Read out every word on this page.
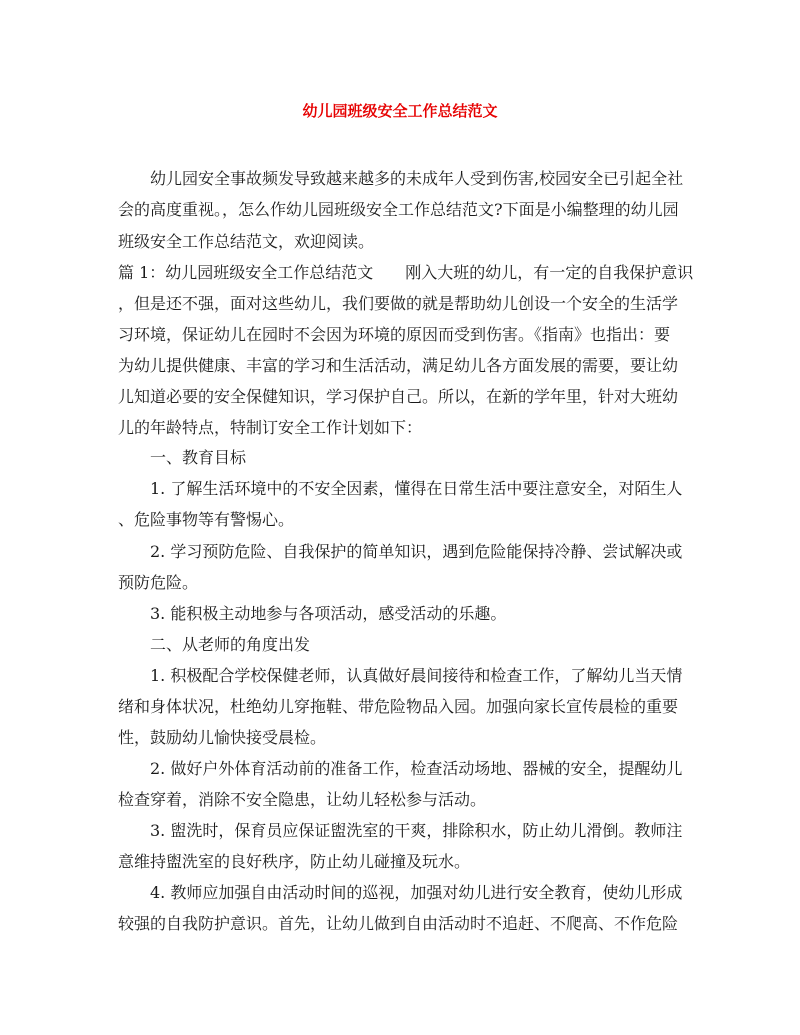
幼儿园班级安全工作总结范文
幼儿园安全事故频发导致越来越多的未成年人受到伤害,校园安全已引起全社
会的高度重视。，怎么作幼儿园班级安全工作总结范文?下面是小编整理的幼儿园
班级安全工作总结范文，欢迎阅读。
篇 1：幼儿园班级安全工作总结范文　　刚入大班的幼儿，有一定的自我保护意识
，但是还不强，面对这些幼儿，我们要做的就是帮助幼儿创设一个安全的生活学
习环境，保证幼儿在园时不会因为环境的原因而受到伤害。《指南》也指出：要
为幼儿提供健康、丰富的学习和生活活动，满足幼儿各方面发展的需要，要让幼
儿知道必要的安全保健知识，学习保护自己。所以，在新的学年里，针对大班幼
儿的年龄特点，特制订安全工作计划如下：
一、教育目标
1. 了解生活环境中的不安全因素，懂得在日常生活中要注意安全，对陌生人
、危险事物等有警惕心。
2. 学习预防危险、自我保护的简单知识，遇到危险能保持冷静、尝试解决或
预防危险。
3. 能积极主动地参与各项活动，感受活动的乐趣。
二、从老师的角度出发
1. 积极配合学校保健老师，认真做好晨间接待和检查工作，了解幼儿当天情
绪和身体状况，杜绝幼儿穿拖鞋、带危险物品入园。加强向家长宣传晨检的重要
性，鼓励幼儿愉快接受晨检。
2. 做好户外体育活动前的准备工作，检查活动场地、器械的安全，提醒幼儿
检查穿着，消除不安全隐患，让幼儿轻松参与活动。
3. 盥洗时，保育员应保证盥洗室的干爽，排除积水，防止幼儿滑倒。教师注
意维持盥洗室的良好秩序，防止幼儿碰撞及玩水。
4. 教师应加强自由活动时间的巡视，加强对幼儿进行安全教育，使幼儿形成
较强的自我防护意识。首先，让幼儿做到自由活动时不追赶、不爬高、不作危险
